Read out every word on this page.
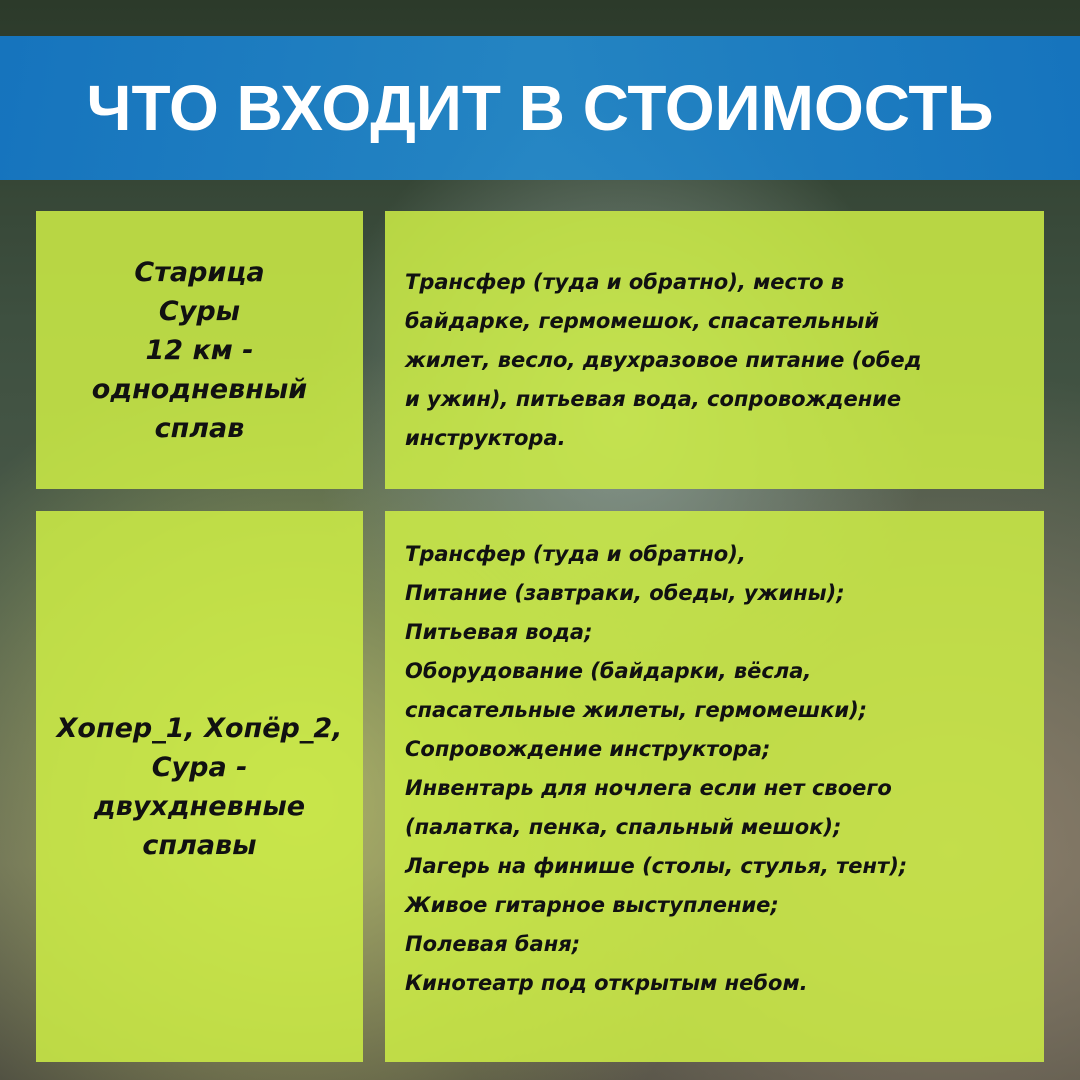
ЧТО ВХОДИТ В СТОИМОСТЬ
Старица
Суры
12 км -
однодневный
сплав
Трансфер (туда и обратно), место в
байдарке, гермомешок, спасательный
жилет, весло, двухразовое питание (обед
и ужин), питьевая вода, сопровождение
инструктора.
Хопер_1, Хопёр_2,
Сура -
двухдневные
сплавы
Трансфер (туда и обратно),
Питание (завтраки, обеды, ужины);
Питьевая вода;
Оборудование (байдарки, вёсла,
спасательные жилеты, гермомешки);
Сопровождение инструктора;
Инвентарь для ночлега если нет своего
(палатка, пенка, спальный мешок);
Лагерь на финише (столы, стулья, тент);
Живое гитарное выступление;
Полевая баня;
Кинотеатр под открытым небом.
